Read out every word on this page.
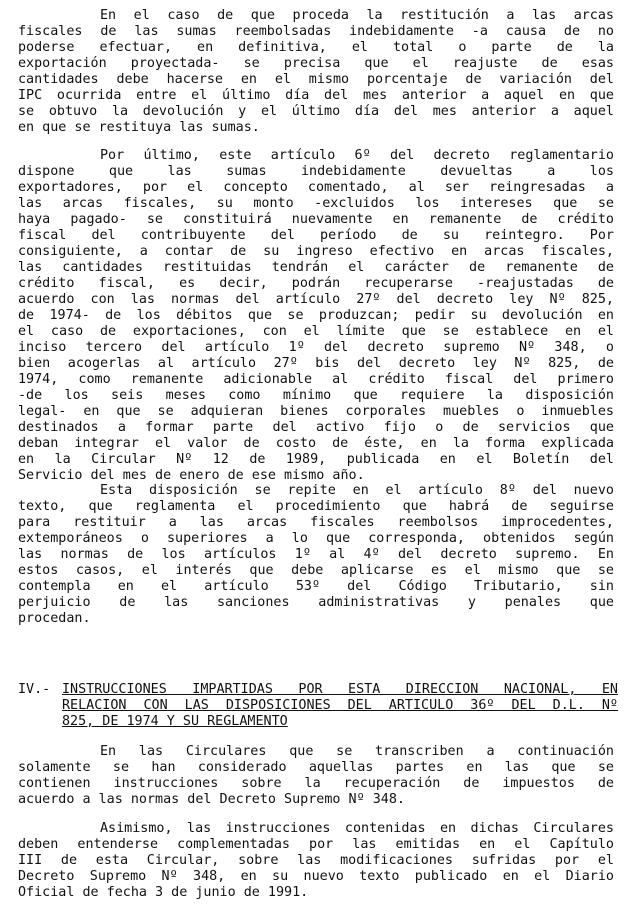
En el caso de que proceda la restitución a las arcas
fiscales de las sumas reembolsadas indebidamente -a causa de no
poderse efectuar, en definitiva, el total o parte de la
exportación proyectada- se precisa que el reajuste de esas
cantidades debe hacerse en el mismo porcentaje de variación del
IPC ocurrida entre el último día del mes anterior a aquel en que
se obtuvo la devolución y el último día del mes anterior a aquel
en que se restituya las sumas.
Por último, este artículo 6º del decreto reglamentario
dispone que las sumas indebidamente devueltas a los
exportadores, por el concepto comentado, al ser reingresadas a
las arcas fiscales, su monto -excluidos los intereses que se
haya pagado- se constituirá nuevamente en remanente de crédito
fiscal del contribuyente del período de su reintegro. Por
consiguiente, a contar de su ingreso efectivo en arcas fiscales,
las cantidades restituidas tendrán el carácter de remanente de
crédito fiscal, es decir, podrán recuperarse -reajustadas de
acuerdo con las normas del artículo 27º del decreto ley Nº 825,
de 1974- de los débitos que se produzcan; pedir su devolución en
el caso de exportaciones, con el límite que se establece en el
inciso tercero del artículo 1º del decreto supremo Nº 348, o
bien acogerlas al artículo 27º bis del decreto ley Nº 825, de
1974, como remanente adicionable al crédito fiscal del primero
-de los seis meses como mínimo que requiere la disposición
legal- en que se adquieran bienes corporales muebles o inmuebles
destinados a formar parte del activo fijo o de servicios que
deban integrar el valor de costo de éste, en la forma explicada
en la Circular Nº 12 de 1989, publicada en el Boletín del
Servicio del mes de enero de ese mismo año.
Esta disposición se repite en el artículo 8º del nuevo
texto, que reglamenta el procedimiento que habrá de seguirse
para restituir a las arcas fiscales reembolsos improcedentes,
extemporáneos o superiores a lo que corresponda, obtenidos según
las normas de los artículos 1º al 4º del decreto supremo. En
estos casos, el interés que debe aplicarse es el mismo que se
contempla en el artículo 53º del Código Tributario, sin
perjuicio de las sanciones administrativas y penales que
procedan.
IV.- INSTRUCCIONES IMPARTIDAS POR ESTA DIRECCION NACIONAL, EN
RELACION CON LAS DISPOSICIONES DEL ARTICULO 36º DEL D.L. Nº
825, DE 1974 Y SU REGLAMENTO
En las Circulares que se transcriben a continuación
solamente se han considerado aquellas partes en las que se
contienen instrucciones sobre la recuperación de impuestos de
acuerdo a las normas del Decreto Supremo Nº 348.
Asimismo, las instrucciones contenidas en dichas Circulares
deben entenderse complementadas por las emitidas en el Capítulo
III de esta Circular, sobre las modificaciones sufridas por el
Decreto Supremo Nº 348, en su nuevo texto publicado en el Diario
Oficial de fecha 3 de junio de 1991.
